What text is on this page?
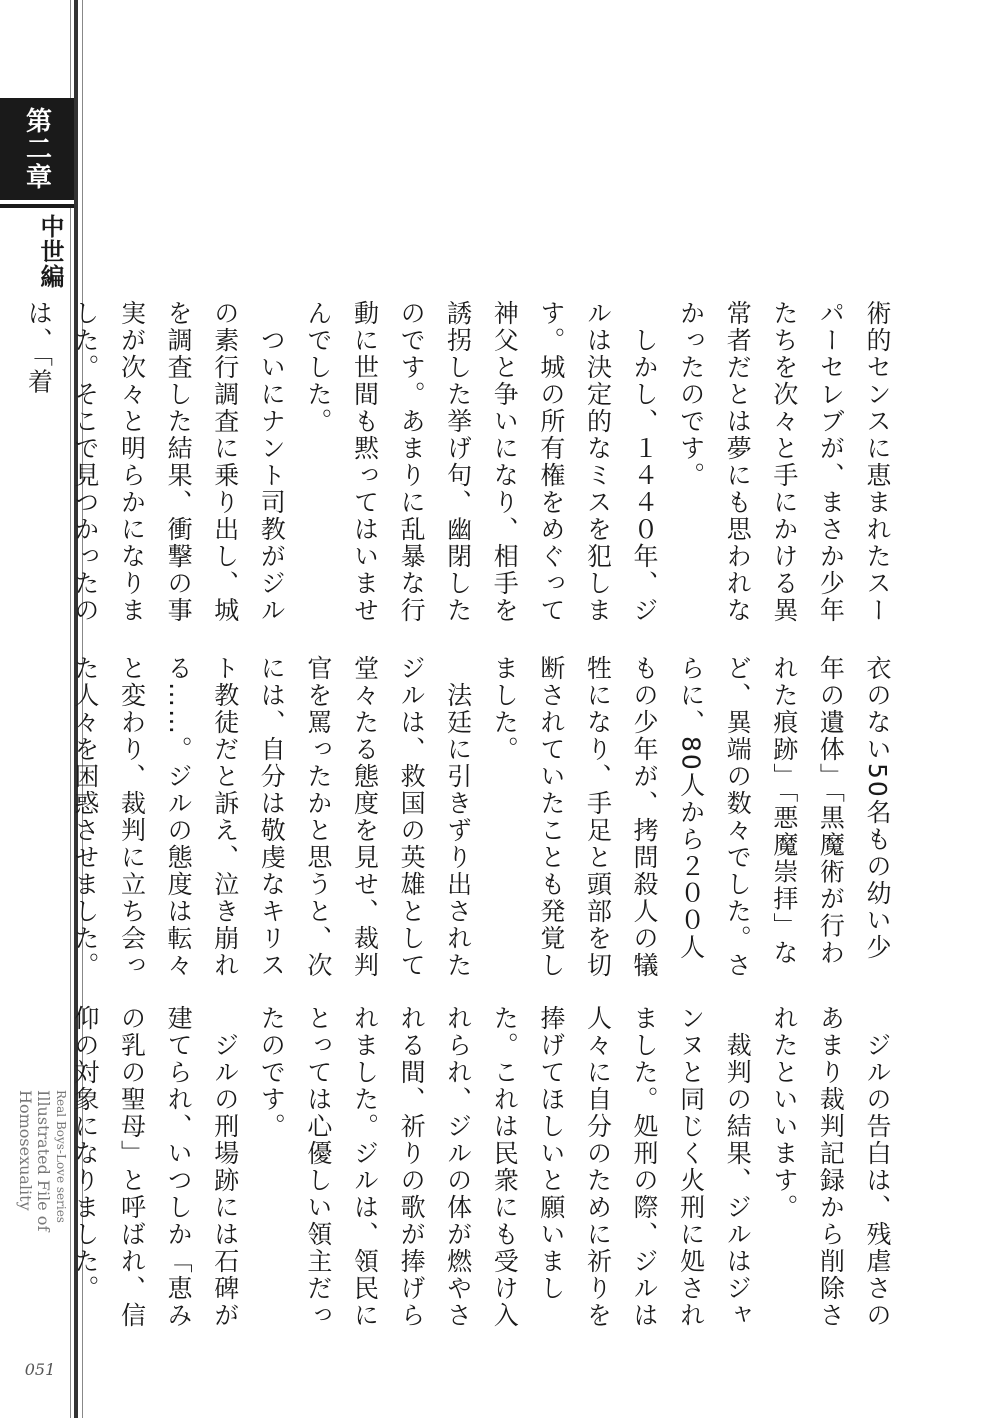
第二章
中世編
Real Boys-Love series
Illustrated File of Homosexuality
051

術的センスに恵まれたスーパーセレブが、まさか少年たちを次々と手にかける異常者だとは夢にも思われなかったのです。

　しかし、１４４０年、ジルは決定的なミスを犯します。城の所有権をめぐって神父と争いになり、相手を誘拐した挙げ句、幽閉したのです。あまりに乱暴な行動に世間も黙ってはいませんでした。

　ついにナント司教がジルの素行調査に乗り出し、城を調査した結果、衝撃の事実が次々と明らかになりました。そこで見つかったのは、「着

衣のない50名もの幼い少年の遺体」「黒魔術が行われた痕跡」「悪魔崇拝」など、異端の数々でした。さらに、80人から２００人もの少年が、拷問殺人の犠牲になり、手足と頭部を切断されていたことも発覚しました。

　法廷に引きずり出されたジルは、救国の英雄として堂々たる態度を見せ、裁判官を罵ったかと思うと、次には、自分は敬虔なキリスト教徒だと訴え、泣き崩れる……。ジルの態度は転々と変わり、裁判に立ち会った人々を困惑させました。

　ジルの告白は、残虐さのあまり裁判記録から削除されたといいます。

　裁判の結果、ジルはジャンヌと同じく火刑に処されました。処刑の際、ジルは人々に自分のために祈りを捧げてほしいと願いました。これは民衆にも受け入れられ、ジルの体が燃やされる間、祈りの歌が捧げられました。ジルは、領民にとっては心優しい領主だったのです。

　ジルの刑場跡には石碑が建てられ、いつしか「恵みの乳の聖母」と呼ばれ、信仰の対象になりました。
